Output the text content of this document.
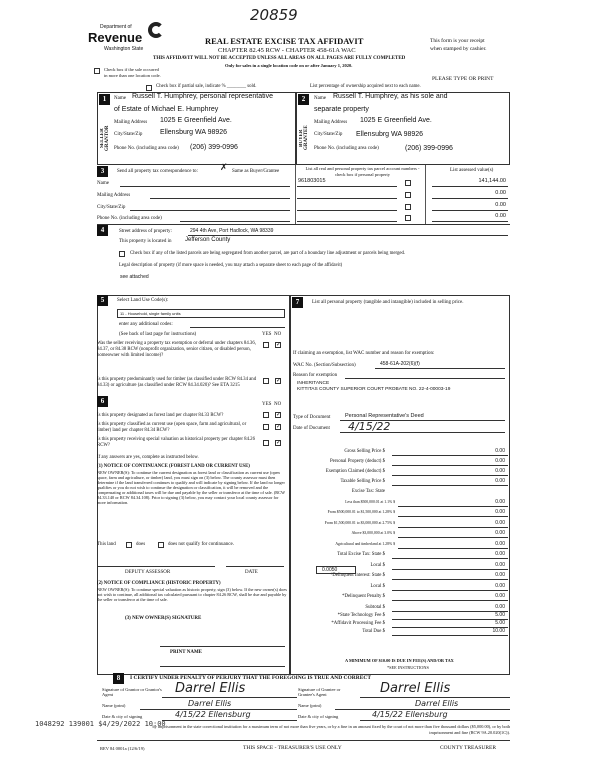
20859
Department of
Revenue
Washington State
REAL ESTATE EXCISE TAX AFFIDAVIT
CHAPTER 82.45 RCW - CHAPTER 458-61A WAC
THIS AFFIDAVIT WILL NOT BE ACCEPTED UNLESS ALL AREAS ON ALL PAGES ARE FULLY COMPLETED
Only for sales in a single location code on or after January 1, 2020.
This form is your receipt
when stamped by cashier.
Check box if the sale occurred
in more than one location code.
PLEASE TYPE OR PRINT
Check box if partial sale, indicate % ________ sold.	List percentage of ownership acquired next to each name.
1	2
SELLER GRANTOR	BUYER GRANTEE
Name Russell T. Humphrey, personal representative
of Estate of Michael E. Humphrey
Mailing Address 1025 E Greenfield Ave.
City/State/Zip	Ellensburg WA 98926
Phone No. (including area code) (206) 399-0996
Name Russell T. Humphrey, as his sole and
separate property
Mailing Address 1025 E Greenfield Ave.
City/State/Zip Ellensubrg WA 98926
Phone No. (including area code)	(206) 399-0996
3	Send all property tax correspondence to: ✗ Same as Buyer/Grantee
List all real and personal property tax parcel account numbers - check box if personal property
List assessed value(s)
Name
Mailing Address
City/State/Zip
Phone No. (including area code)
961803015	141,144.00
0.00
0.00
0.00
4	Street address of property:	294 4th Ave, Port Hadlock, WA 98339
This property is located in Jefferson County
Check box if any of the listed parcels are being segregated from another parcel, are part of a boundary line adjustment or parcels being merged.
Legal description of property (if more space is needed, you may attach a separate sheet to each page of the affidavit)
see attached
5	Select Land Use Code(s):
11 - Household, single family units
enter any additional codes:
(See back of last page for instructions)	YES NO
Was the seller receiving a property tax exemption or deferral under chapters 84.36, 84.37, or 84.38 RCW (nonprofit organization, senior citizen, or disabled person, homeowner with limited income)?
✓
Is this property predominantly used for timber (as classified under RCW 84.34 and 84.33) or agriculture (as classified under RCW 84.34.020)? See ETA 3215
✓
6	YES NO
Is this property designated as forest land per chapter 84.33 RCW?	✓
Is this property classified as current use (open space, farm and agricultural, or timber) land per chapter 84.34 RCW?
✓
Is this property receiving special valuation as historical property per chapter 84.26 RCW?	✓
If any answers are yes, complete as instructed below.
(1) NOTICE OF CONTINUANCE (FOREST LAND OR CURRENT USE)
NEW OWNER(S): To continue the current designation as forest land or classification as current use (open space, farm and agriculture, or timber) land, you must sign on (3) below. The county assessor must then determine if the land transferred continues to qualify and will indicate by signing below. If the land no longer qualifies or you do not wish to continue the designation or classification, it will be removed and the compensating or additional taxes will be due and payable by the seller or transferor at the time of sale. (RCW 84.33.140 or RCW 84.34.108). Prior to signing (3) below, you may contact your local county assessor for more information.
This land	does	does not qualify for continuance.
DEPUTY ASSESSOR	DATE
(2) NOTICE OF COMPLIANCE (HISTORIC PROPERTY)
NEW OWNER(S): To continue special valuation as historic property, sign (3) below. If the new owner(s) does not wish to continue, all additional tax calculated pursuant to chapter 84.26 RCW, shall be due and payable by the seller or transferor at the time of sale.
(3) NEW OWNER(S) SIGNATURE
PRINT NAME
7	List all personal property (tangible and intangible) included in selling price.
If claiming an exemption, list WAC number and reason for exemption:
WAC No. (Section/Subsection)	458-61A-202(6)(f)
Reason for exemption
INHERITANCE
KITTITAS COUNTY SUPERIOR COURT PROBATE NO. 22-4-00003-19
Type of Document	Personal Representative's Deed
Date of Document 4/15/22
Gross Selling Price $	0.00
Personal Property (deduct) $	0.00
Exemption Claimed (deduct) $	0.00
Taxable Selling Price $	0.00
Excise Tax: State
Less than $500,000.01 at 1.1% $	0.00
From $500,000.01 to $1,500,000 at 1.28% $	0.00
From $1,500,000.01 to $3,000,000 at 2.75% $	0.00
Above $3,000,000 at 3.0% $	0.00
Agricultural and timberland at 1.28% $	0.00
Total Excise Tax: State $	0.00
Local $	0.00
*Delinquent Interest: State $	0.00
Local $	0.00
*Delinquent Penalty $	0.00
Subtotal $	0.00
*State Technology Fee $	5.00
*Affidavit Processing Fee $	5.00
Total Due $	10.00
0.0050
A MINIMUM OF $10.00 IS DUE IN FEE(S) AND/OR TAX
*SEE INSTRUCTIONS
8	I CERTIFY UNDER PENALTY OF PERJURY THAT THE FOREGOING IS TRUE AND CORRECT
Signature of Grantor or Grantor's Agent	Darrel Ellis	Signature of Grantee or Grantee's Agent	Darrel Ellis
Name (print)	Darrel Ellis	Name (print)	Darrel Ellis
Date & city of signing	4/15/22 Ellensburg	Date & city of signing	4/15/22 Ellensburg
1048292 139001 $4/29/2022 10:00
by imprisonment in the state correctional institution for a maximum term of not more than five years, or by a fine in an amount fixed by the court of not more than five thousand dollars ($5,000.00), or by both imprisonment and fine (RCW 9A.20.020(1C)).
REV 84 0001a (12/6/19)	THIS SPACE - TREASURER'S USE ONLY	COUNTY TREASURER
